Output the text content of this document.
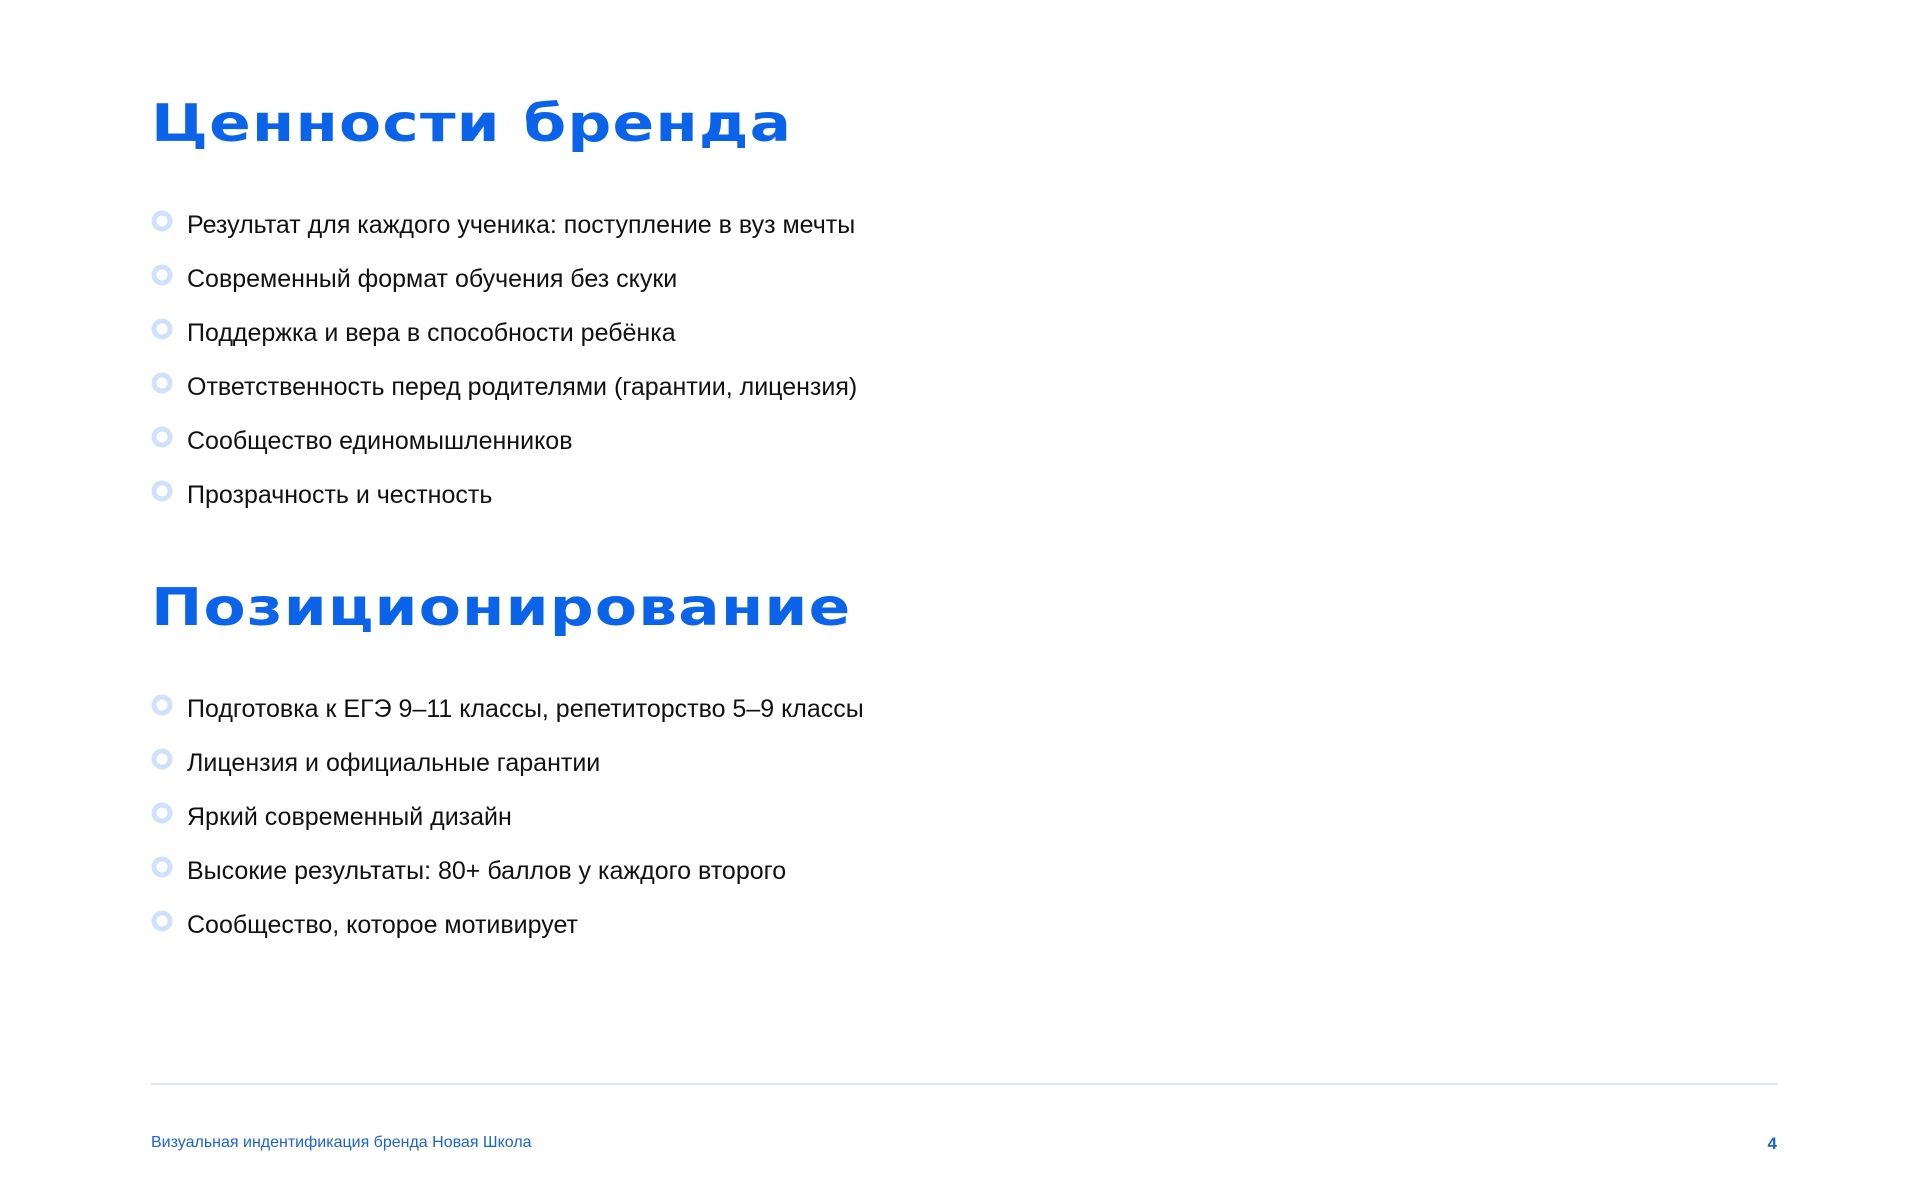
Ценности бренда
Результат для каждого ученика: поступление в вуз мечты
Современный формат обучения без скуки
Поддержка и вера в способности ребёнка
Ответственность перед родителями (гарантии, лицензия)
Сообщество единомышленников
Прозрачность и честность
Позиционирование
Подготовка к ЕГЭ 9–11 классы, репетиторство 5–9 классы
Лицензия и официальные гарантии
Яркий современный дизайн
Высокие результаты: 80+ баллов у каждого второго
Сообщество, которое мотивирует
Визуальная индентификация бренда Новая Школа	4
